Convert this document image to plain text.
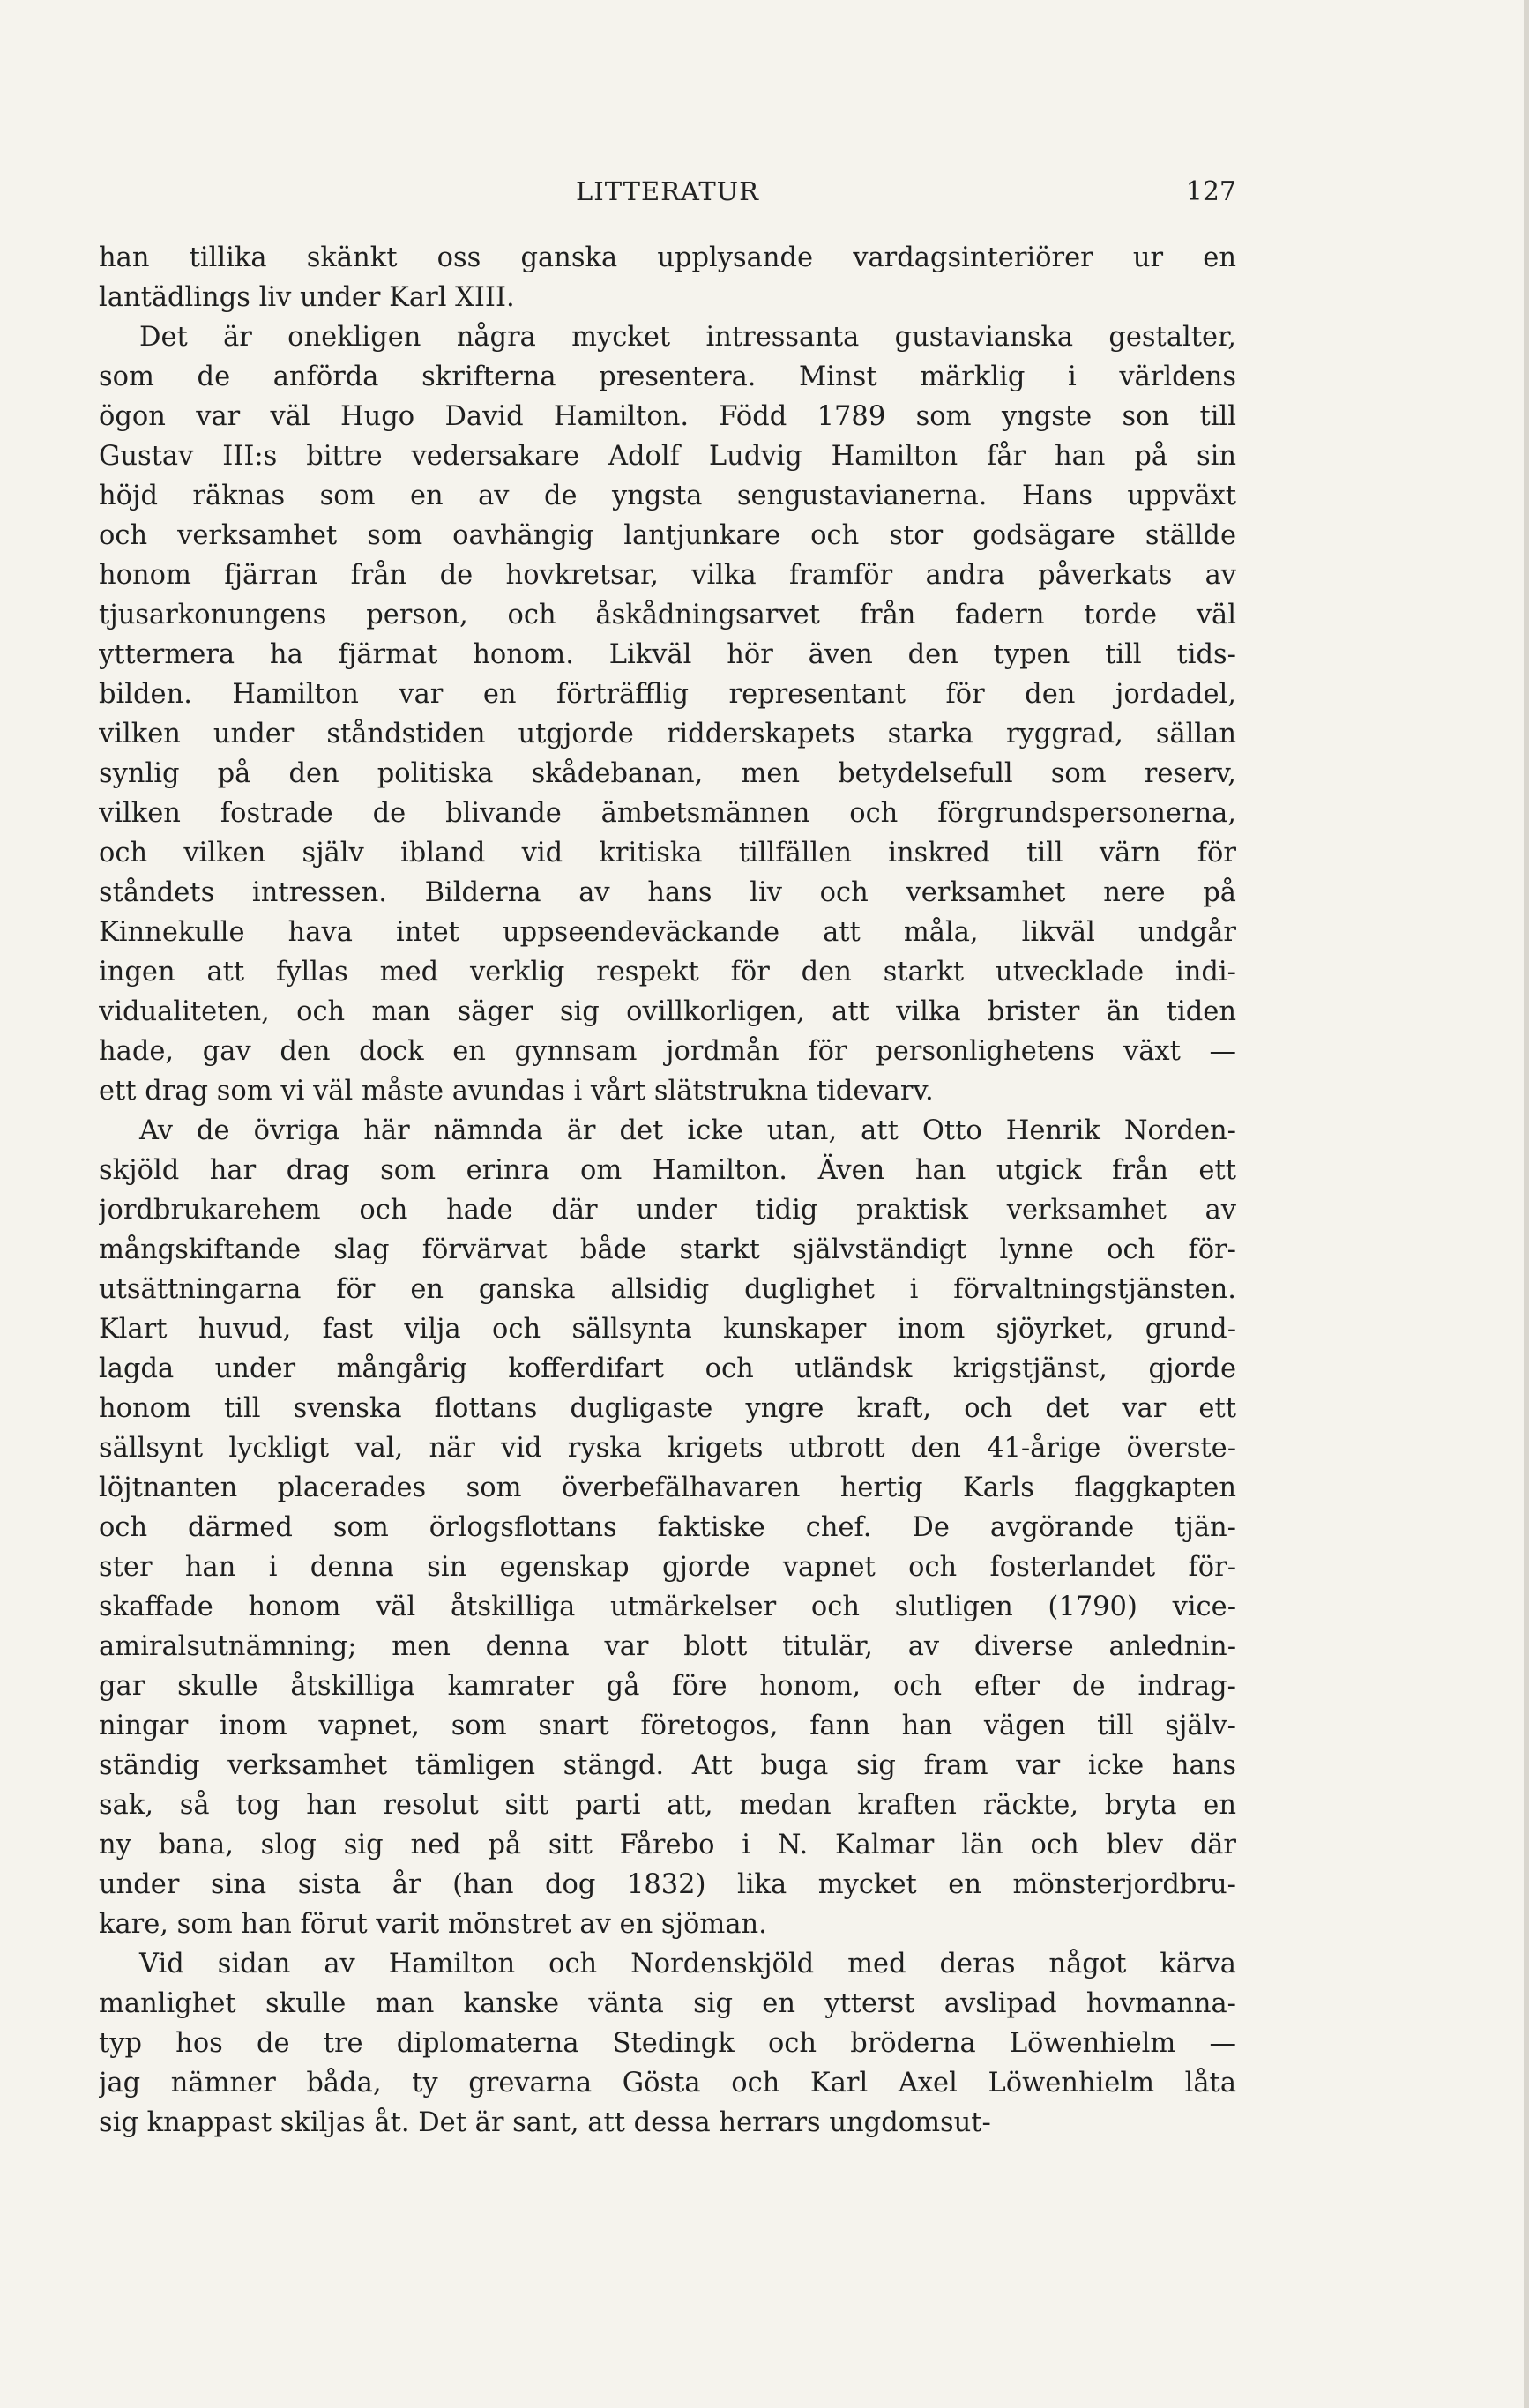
LITTERATUR	127
han tillika skänkt oss ganska upplysande vardagsinteriörer ur en
lantädlings liv under Karl XIII.
Det är onekligen några mycket intressanta gustavianska gestalter,
som de anförda skrifterna presentera. Minst märklig i världens
ögon var väl Hugo David Hamilton. Född 1789 som yngste son till
Gustav III:s bittre vedersakare Adolf Ludvig Hamilton får han på sin
höjd räknas som en av de yngsta sengustavianerna. Hans uppväxt
och verksamhet som oavhängig lantjunkare och stor godsägare ställde
honom fjärran från de hovkretsar, vilka framför andra påverkats av
tjusarkonungens person, och åskådningsarvet från fadern torde väl
yttermera ha fjärmat honom. Likväl hör även den typen till tids-
bilden. Hamilton var en förträfflig representant för den jordadel,
vilken under ståndstiden utgjorde ridderskapets starka ryggrad, sällan
synlig på den politiska skådebanan, men betydelsefull som reserv,
vilken fostrade de blivande ämbetsmännen och förgrundspersonerna,
och vilken själv ibland vid kritiska tillfällen inskred till värn för
ståndets intressen. Bilderna av hans liv och verksamhet nere på
Kinnekulle hava intet uppseendeväckande att måla, likväl undgår
ingen att fyllas med verklig respekt för den starkt utvecklade indi-
vidualiteten, och man säger sig ovillkorligen, att vilka brister än tiden
hade, gav den dock en gynnsam jordmån för personlighetens växt —
ett drag som vi väl måste avundas i vårt slätstrukna tidevarv.
Av de övriga här nämnda är det icke utan, att Otto Henrik Norden-
skjöld har drag som erinra om Hamilton. Även han utgick från ett
jordbrukarehem och hade där under tidig praktisk verksamhet av
mångskiftande slag förvärvat både starkt självständigt lynne och för-
utsättningarna för en ganska allsidig duglighet i förvaltningstjänsten.
Klart huvud, fast vilja och sällsynta kunskaper inom sjöyrket, grund-
lagda under mångårig kofferdifart och utländsk krigstjänst, gjorde
honom till svenska flottans dugligaste yngre kraft, och det var ett
sällsynt lyckligt val, när vid ryska krigets utbrott den 41-årige överste-
löjtnanten placerades som överbefälhavaren hertig Karls flaggkapten
och därmed som örlogsflottans faktiske chef. De avgörande tjän-
ster han i denna sin egenskap gjorde vapnet och fosterlandet för-
skaffade honom väl åtskilliga utmärkelser och slutligen (1790) vice-
amiralsutnämning; men denna var blott titulär, av diverse anlednin-
gar skulle åtskilliga kamrater gå före honom, och efter de indrag-
ningar inom vapnet, som snart företogos, fann han vägen till själv-
ständig verksamhet tämligen stängd. Att buga sig fram var icke hans
sak, så tog han resolut sitt parti att, medan kraften räckte, bryta en
ny bana, slog sig ned på sitt Fårebo i N. Kalmar län och blev där
under sina sista år (han dog 1832) lika mycket en mönsterjordbru-
kare, som han förut varit mönstret av en sjöman.
Vid sidan av Hamilton och Nordenskjöld med deras något kärva
manlighet skulle man kanske vänta sig en ytterst avslipad hovmanna-
typ hos de tre diplomaterna Stedingk och bröderna Löwenhielm —
jag nämner båda, ty grevarna Gösta och Karl Axel Löwenhielm låta
sig knappast skiljas åt. Det är sant, att dessa herrars ungdomsut-
